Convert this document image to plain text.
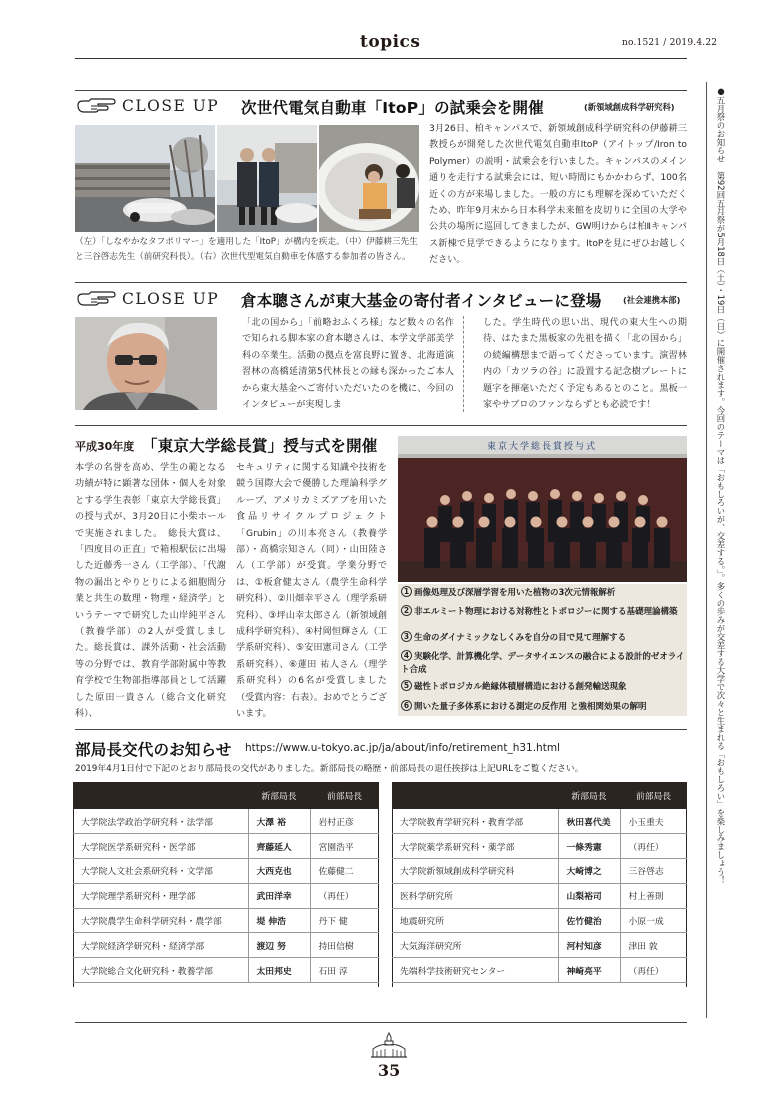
topics	no.1521 / 2019.4.22
●五月祭のお知らせ　第92回五月祭が5月18日（土）・19日（日）に開催されます。今回のテーマは「おもしろいが、交差する。」。多くの歩みが交差する大学で次々と生まれる「おもしろい」を楽しみましょう！
CLOSE UP 次世代電気自動車「ItoP」の試乗会を開催	(新領域創成科学研究科)
（左）「しなやかなタフポリマー」を適用した「ItoP」が構内を疾走。（中）伊藤耕三先生と三谷啓志先生（前研究科長）。（右）次世代型電気自動車を体感する参加者の皆さん。
3月26日、柏キャンパスで、新領域創成科学研究科の伊藤耕三教授らが開発した次世代電気自動車ItoP（アイトップ/Iron to Polymer）の説明・試乗会を行いました。キャンパスのメイン通りを走行する試乗会には、短い時間にもかかわらず、100名近くの方が来場しました。一般の方にも理解を深めていただくため、昨年9月末から日本科学未来館を皮切りに全国の大学や公共の場所に巡回してきましたが、GW明けからは柏Ⅱキャンパス新棟で見学できるようになります。ItoPを見にぜひお越しください。
CLOSE UP 倉本聰さんが東大基金の寄付者インタビューに登場	(社会連携本部)
「北の国から」「前略おふくろ様」など数々の名作で知られる脚本家の倉本聰さんは、本学文学部美学科の卒業生。活動の拠点を富良野に置き、北海道演習林の高橋延清第5代林長との縁も深かったご本人から東大基金へご寄付いただいたのを機に、今回のインタビューが実現しま
した。学生時代の思い出、現代の東大生への期待、はたまた黒板家の先祖を描く「北の国から」の続編構想まで語ってくださっています。演習林内の「カツラの谷」に設置する記念樹プレートに題字を揮毫いただく予定もあるとのこと。黒板一家やサブロのファンならずとも必読です！
平成30年度 「東京大学総長賞」授与式を開催
本学の名誉を高め、学生の範となる功績が特に顕著な団体・個人を対象とする学生表彰「東京大学総長賞」の授与式が、3月20日に小柴ホールで実施されました。　総長大賞は、「四度目の正直」で箱根駅伝に出場した近藤秀一さん（工学部）、「代謝物の漏出とやりとりによる細胞間分業と共生の数理・物理・経済学」というテーマで研究した山岸純平さん（教養学部）の2人が受賞しました。総長賞は、課外活動・社会活動等の分野では、教育学部附属中等教育学校で生物部指導部員として活躍した原田一貴さん（総合文化研究科）、
セキュリティに関する知識や技術を競う国際大会で優勝した理論科学グループ、アメリカミズアブを用いた食品リサイクルプロジェクト「Grubin」の川本亮さん（教養学部）・高橋宗知さん（同）・山田陸さん（工学部）が受賞。学業分野では、①板倉健太さん（農学生命科学研究科）、②川畑幸平さん（理学系研究科）、③坪山幸太郎さん（新領域創成科学研究科）、④村岡恒輝さん（工学系研究科）、⑤安田憲司さん（工学系研究科）、⑥蓮田 祐人さん（理学系研究科）の6名が受賞しました（受賞内容：右表）。おめでとうございます。
東京大学総長賞授与式
1 画像処理及び深層学習を用いた植物の3次元情報解析
2 非エルミート物理における対称性とトポロジーに関する基礎理論構築
3 生命のダイナミックなしくみを自分の目で見て理解する
4 実験化学、計算機化学、データサイエンスの融合による設計的ゼオライト合成
5 磁性トポロジカル絶縁体積層構造における創発輸送現象
6 開いた量子多体系における測定の反作用 と強相関効果の解明
部局長交代のお知らせ https://www.u-tokyo.ac.jp/ja/about/info/retirement_h31.html
2019年4月1日付で下記のとおり部局長の交代がありました。新部局長の略歴・前部局長の退任挨拶は上記URLをご覧ください。
	新部局長	前部局長
大学院法学政治学研究科・法学部	大澤 裕	岩村正彦
大学院医学系研究科・医学部	齊藤延人	宮園浩平
大学院人文社会系研究科・文学部	大西克也	佐藤健二
大学院理学系研究科・理学部	武田洋幸	（再任）
大学院農学生命科学研究科・農学部	堤 伸浩	丹下 健
大学院経済学研究科・経済学部	渡辺 努	持田信樹
大学院総合文化研究科・教養学部	太田邦史	石田 淳
	新部局長	前部局長
大学院教育学研究科・教育学部	秋田喜代美	小玉重夫
大学院薬学系研究科・薬学部	一條秀憲	（再任）
大学院新領域創成科学研究科	大崎博之	三谷啓志
医科学研究所	山梨裕司	村上善則
地震研究所	佐竹健治	小原一成
大気海洋研究所	河村知彦	津田 敦
先端科学技術研究センター	神崎亮平	（再任）
35
